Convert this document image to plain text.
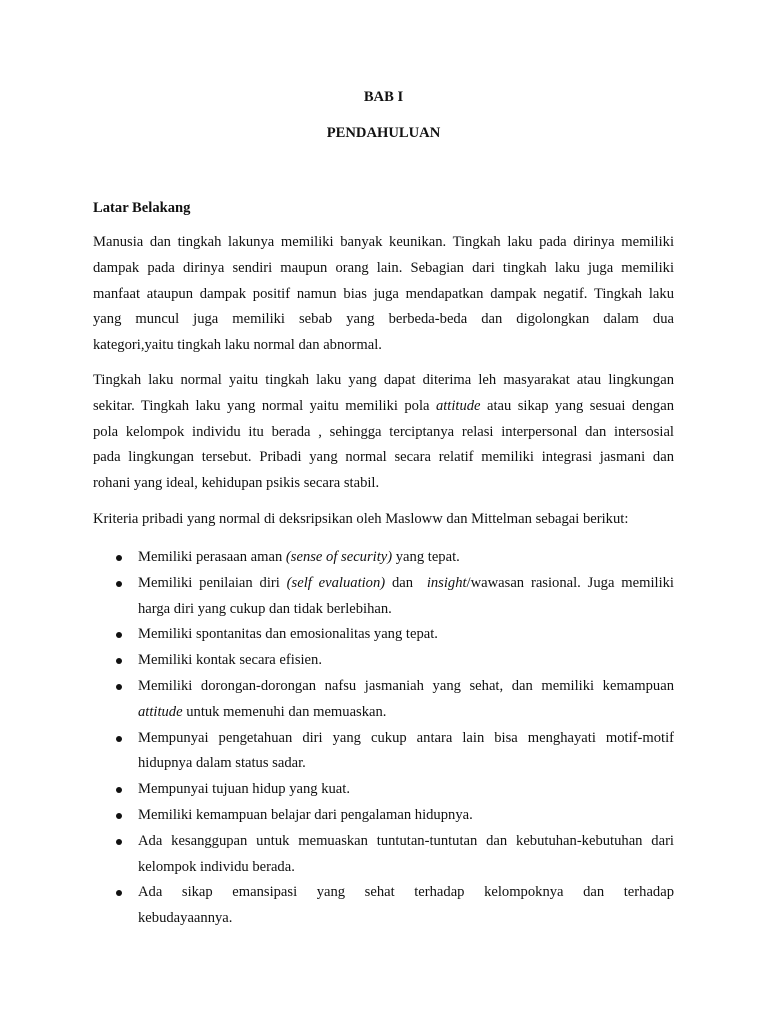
BAB I
PENDAHULUAN
Latar Belakang
Manusia dan tingkah lakunya memiliki banyak keunikan. Tingkah laku pada dirinya memiliki
dampak pada dirinya sendiri maupun orang lain. Sebagian dari tingkah laku juga memiliki
manfaat ataupun dampak positif namun bias juga mendapatkan dampak negatif. Tingkah laku
yang muncul juga memiliki sebab yang berbeda-beda dan digolongkan dalam dua
kategori,yaitu tingkah laku normal dan abnormal.
Tingkah laku normal yaitu tingkah laku yang dapat diterima leh masyarakat atau lingkungan
sekitar. Tingkah laku yang normal yaitu memiliki pola attitude atau sikap yang sesuai dengan
pola kelompok individu itu berada , sehingga terciptanya relasi interpersonal dan intersosial
pada lingkungan tersebut. Pribadi yang normal secara relatif memiliki integrasi jasmani dan
rohani yang ideal, kehidupan psikis secara stabil.
Kriteria pribadi yang normal di deksripsikan oleh Masloww dan Mittelman sebagai berikut:
Memiliki perasaan aman (sense of security) yang tepat.
Memiliki penilaian diri (self evaluation) dan  insight/wawasan rasional. Juga memiliki
harga diri yang cukup dan tidak berlebihan.
Memiliki spontanitas dan emosionalitas yang tepat.
Memiliki kontak secara efisien.
Memiliki dorongan-dorongan nafsu jasmaniah yang sehat, dan memiliki kemampuan
attitude untuk memenuhi dan memuaskan.
Mempunyai pengetahuan diri yang cukup antara lain bisa menghayati motif-motif
hidupnya dalam status sadar.
Mempunyai tujuan hidup yang kuat.
Memiliki kemampuan belajar dari pengalaman hidupnya.
Ada kesanggupan untuk memuaskan tuntutan-tuntutan dan kebutuhan-kebutuhan dari
kelompok individu berada.
Ada sikap emansipasi yang sehat terhadap kelompoknya dan terhadap
kebudayaannya.
